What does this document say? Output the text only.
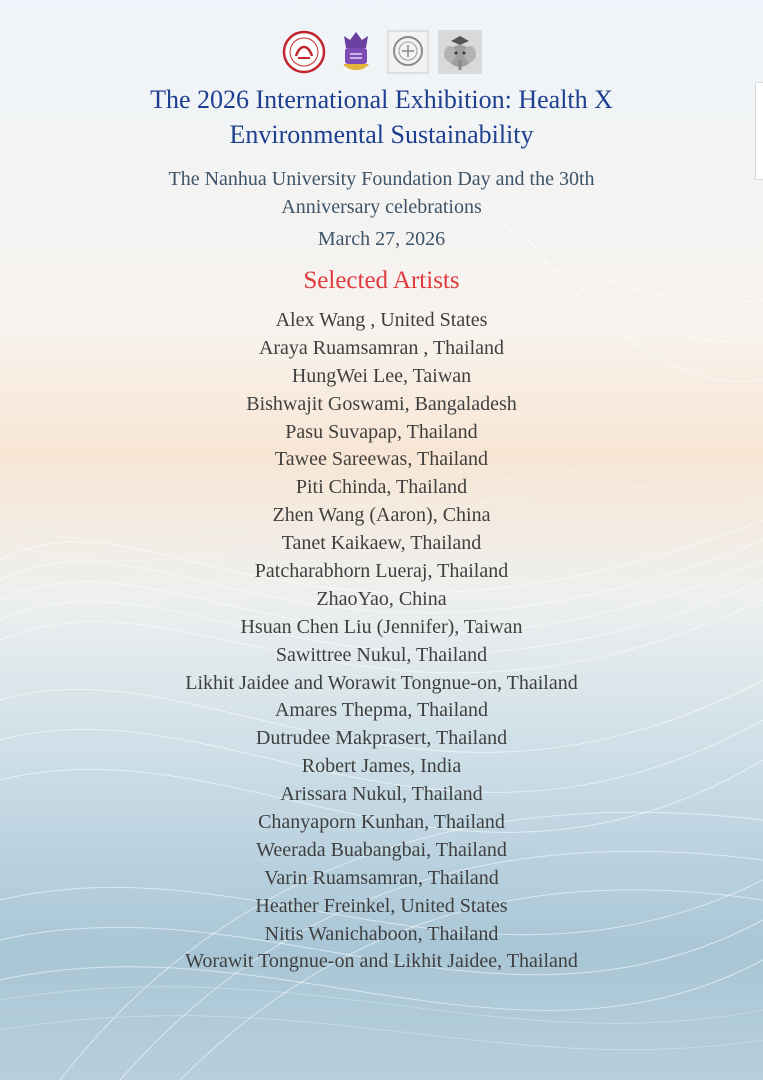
The 2026 International Exhibition: Health X
Environmental Sustainability
The Nanhua University Foundation Day and the 30th
Anniversary celebrations
March 27, 2026
Selected Artists
Alex Wang , United States
Araya Ruamsamran , Thailand
HungWei Lee, Taiwan
Bishwajit Goswami, Bangaladesh
Pasu Suvapap, Thailand
Tawee Sareewas, Thailand
Piti Chinda, Thailand
Zhen Wang (Aaron), China
Tanet Kaikaew, Thailand
Patcharabhorn Lueraj, Thailand
ZhaoYao, China
Hsuan Chen Liu (Jennifer), Taiwan
Sawittree Nukul, Thailand
Likhit Jaidee and Worawit Tongnue-on, Thailand
Amares Thepma, Thailand
Dutrudee Makprasert, Thailand
Robert James, India
Arissara Nukul, Thailand
Chanyaporn Kunhan, Thailand
Weerada Buabangbai, Thailand
Varin Ruamsamran, Thailand
Heather Freinkel, United States
Nitis Wanichaboon, Thailand
Worawit Tongnue-on and Likhit Jaidee, Thailand
